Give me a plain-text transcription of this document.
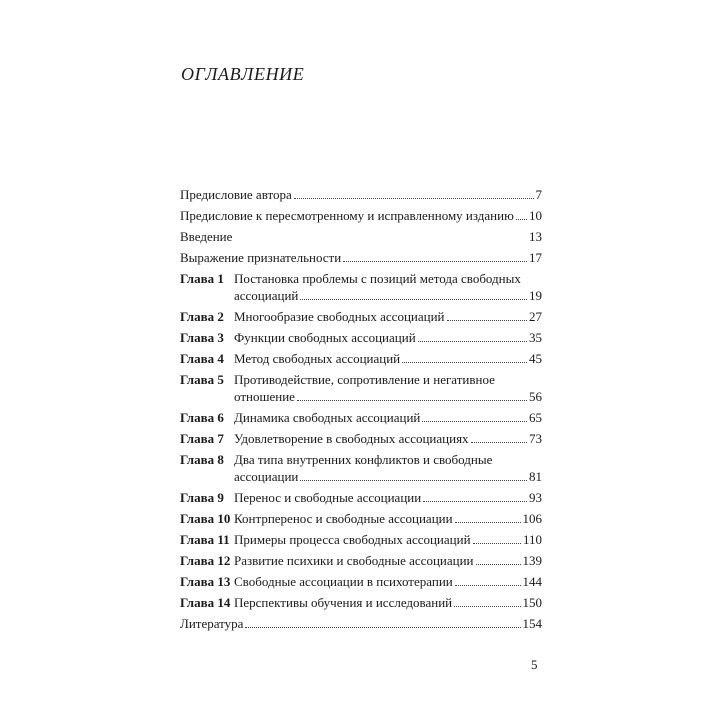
ОГЛАВЛЕНИЕ
Предисловие автора	7
Предисловие к пересмотренному и исправленному изданию 10
Введение	13
Выражение признательности	17
Глава 1 Постановка проблемы с позиций метода свободных
ассоциаций	19
Глава 2 Многообразие свободных ассоциаций	27
Глава 3 Функции свободных ассоциаций	35
Глава 4 Метод свободных ассоциаций	45
Глава 5 Противодействие, сопротивление и негативное
отношение	56
Глава 6 Динамика свободных ассоциаций	65
Глава 7 Удовлетворение в свободных ассоциациях	73
Глава 8 Два типа внутренних конфликтов и свободные
ассоциации	81
Глава 9 Перенос и свободные ассоциации	93
Глава 10 Контрперенос и свободные ассоциации	106
Глава 11 Примеры процесса свободных ассоциаций	110
Глава 12 Развитие психики и свободные ассоциации	139
Глава 13 Свободные ассоциации в психотерапии	144
Глава 14 Перспективы обучения и исследований	150
Литература	154
5
